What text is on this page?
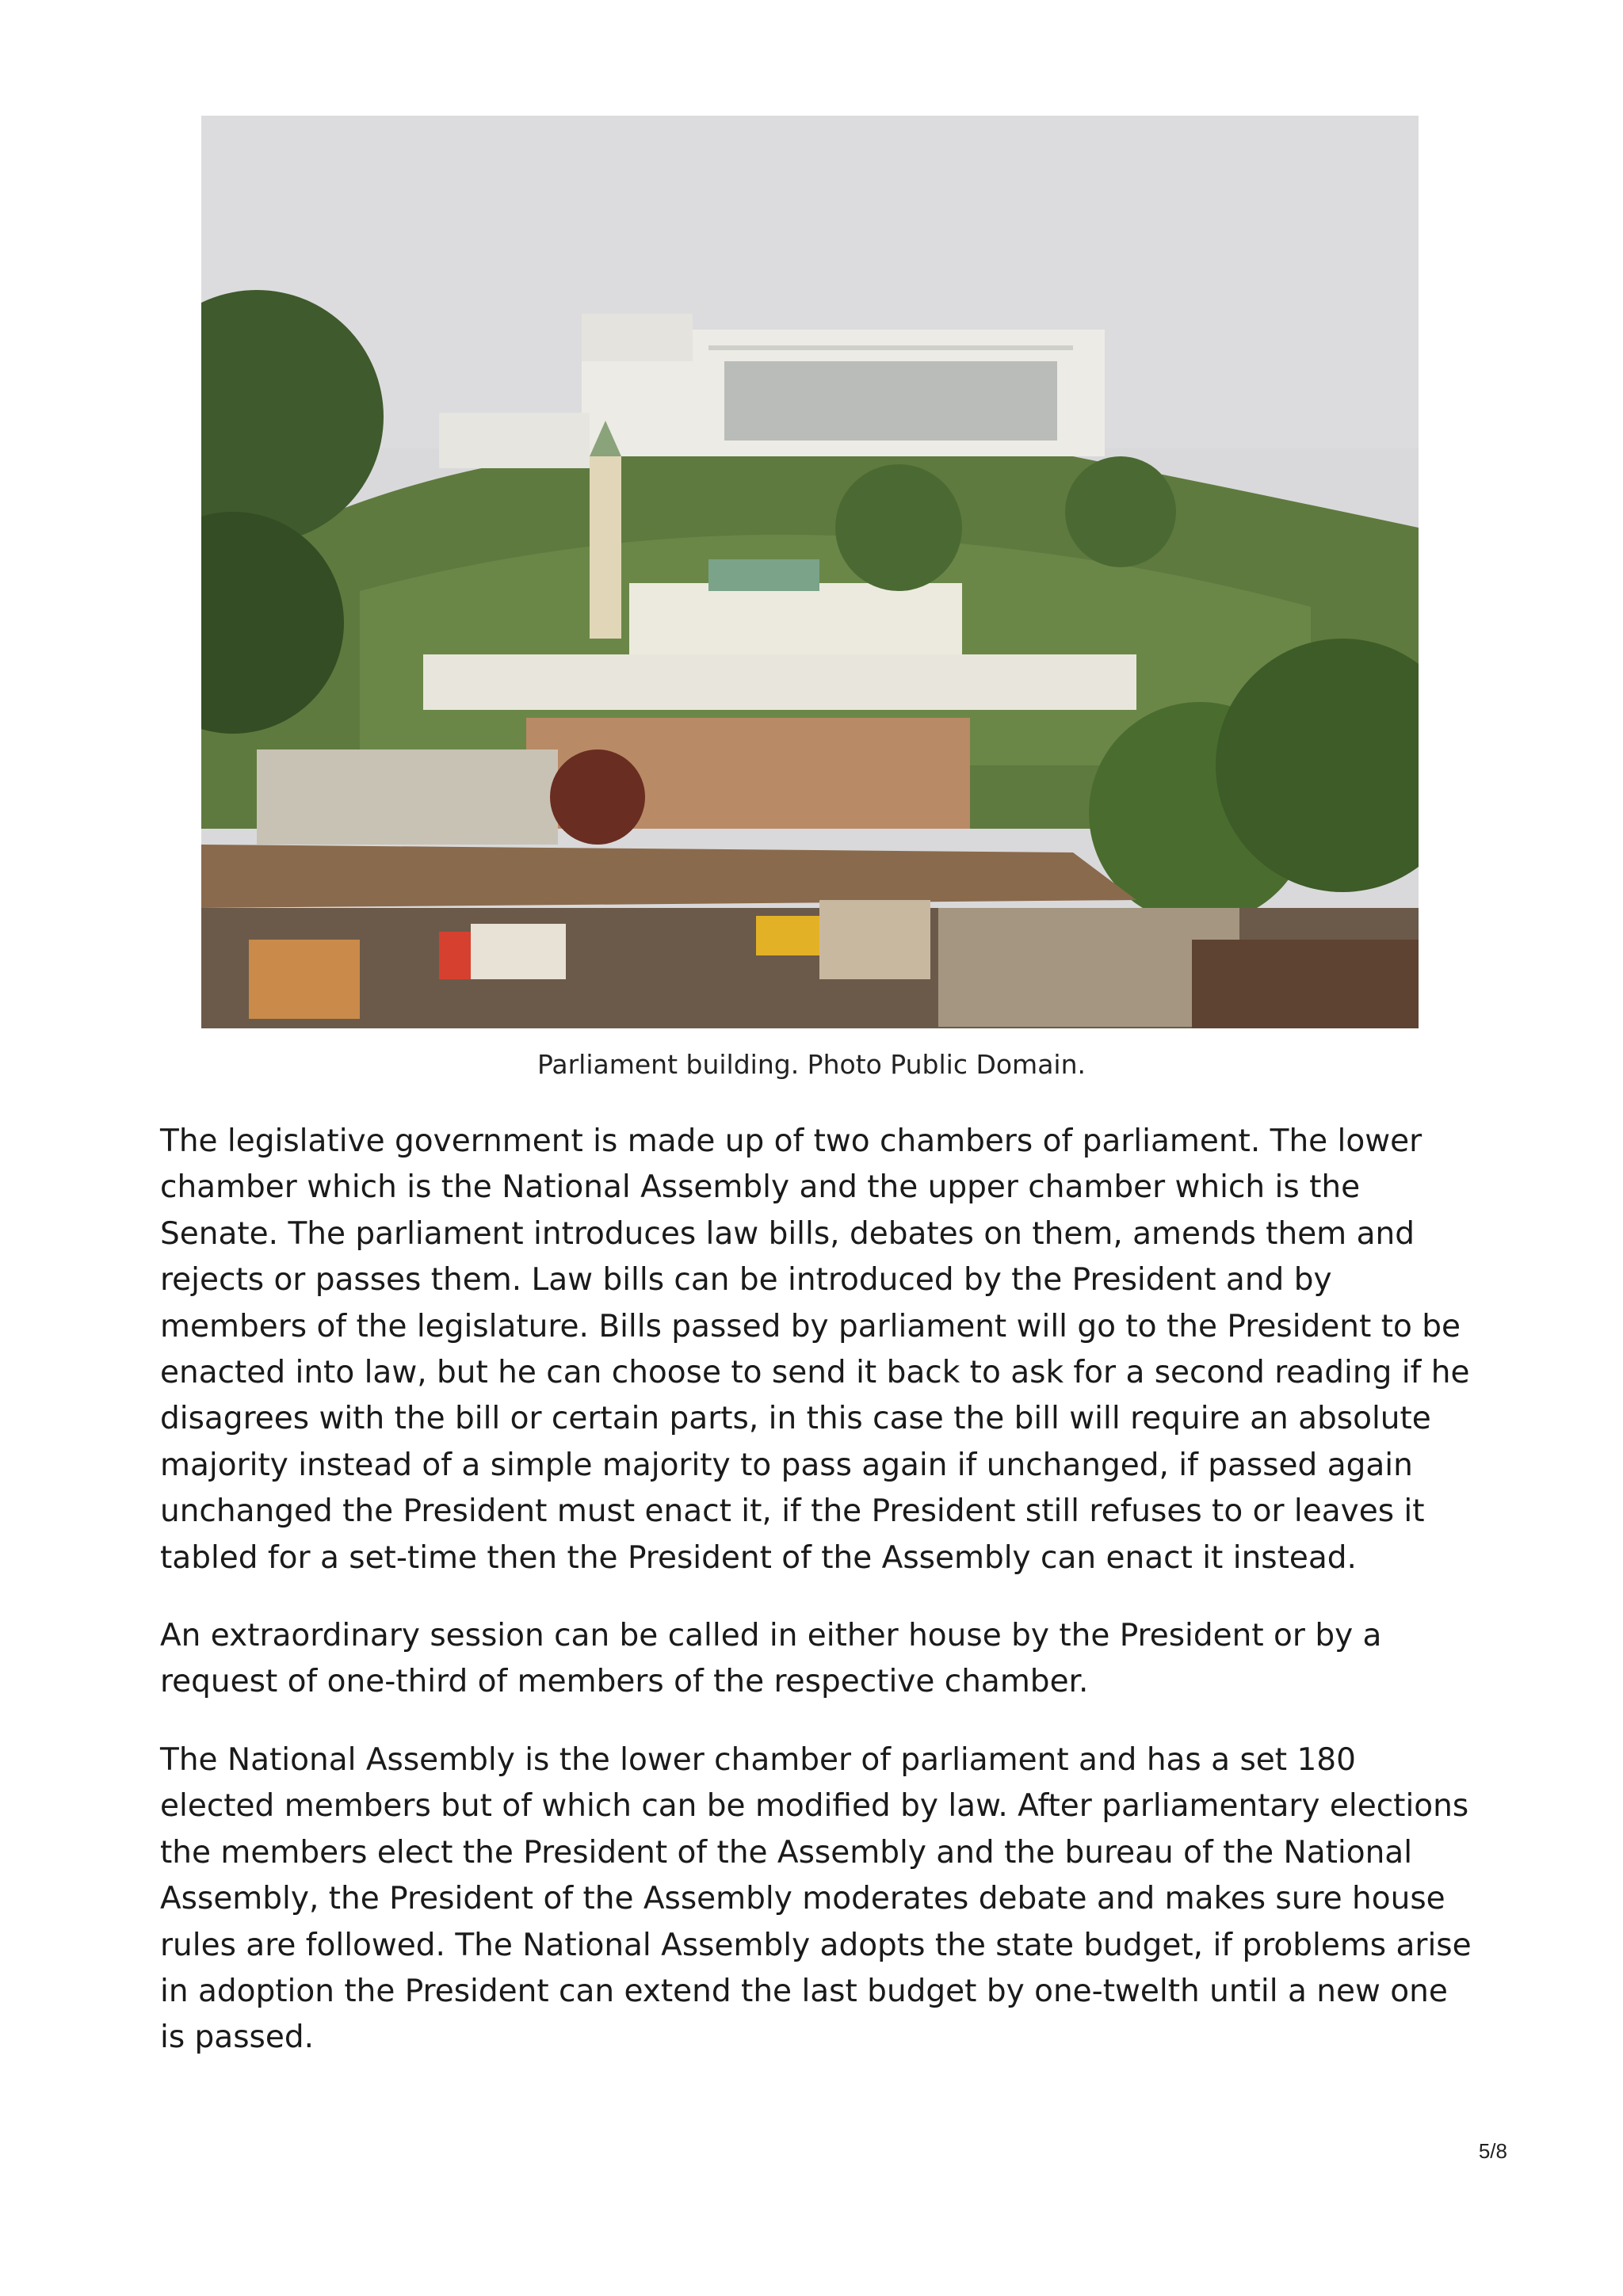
Parliament building. Photo Public Domain.

The legislative government is made up of two chambers of parliament. The lower chamber which is the National Assembly and the upper chamber which is the Senate. The parliament introduces law bills, debates on them, amends them and rejects or passes them. Law bills can be introduced by the President and by members of the legislature. Bills passed by parliament will go to the President to be enacted into law, but he can choose to send it back to ask for a second reading if he disagrees with the bill or certain parts, in this case the bill will require an absolute majority instead of a simple majority to pass again if unchanged, if passed again unchanged the President must enact it, if the President still refuses to or leaves it tabled for a set-time then the President of the Assembly can enact it instead.

An extraordinary session can be called in either house by the President or by a request of one-third of members of the respective chamber.

The National Assembly is the lower chamber of parliament and has a set 180 elected members but of which can be modified by law. After parliamentary elections the members elect the President of the Assembly and the bureau of the National Assembly, the President of the Assembly moderates debate and makes sure house rules are followed. The National Assembly adopts the state budget, if problems arise in adoption the President can extend the last budget by one-twelth until a new one is passed.

5/8
